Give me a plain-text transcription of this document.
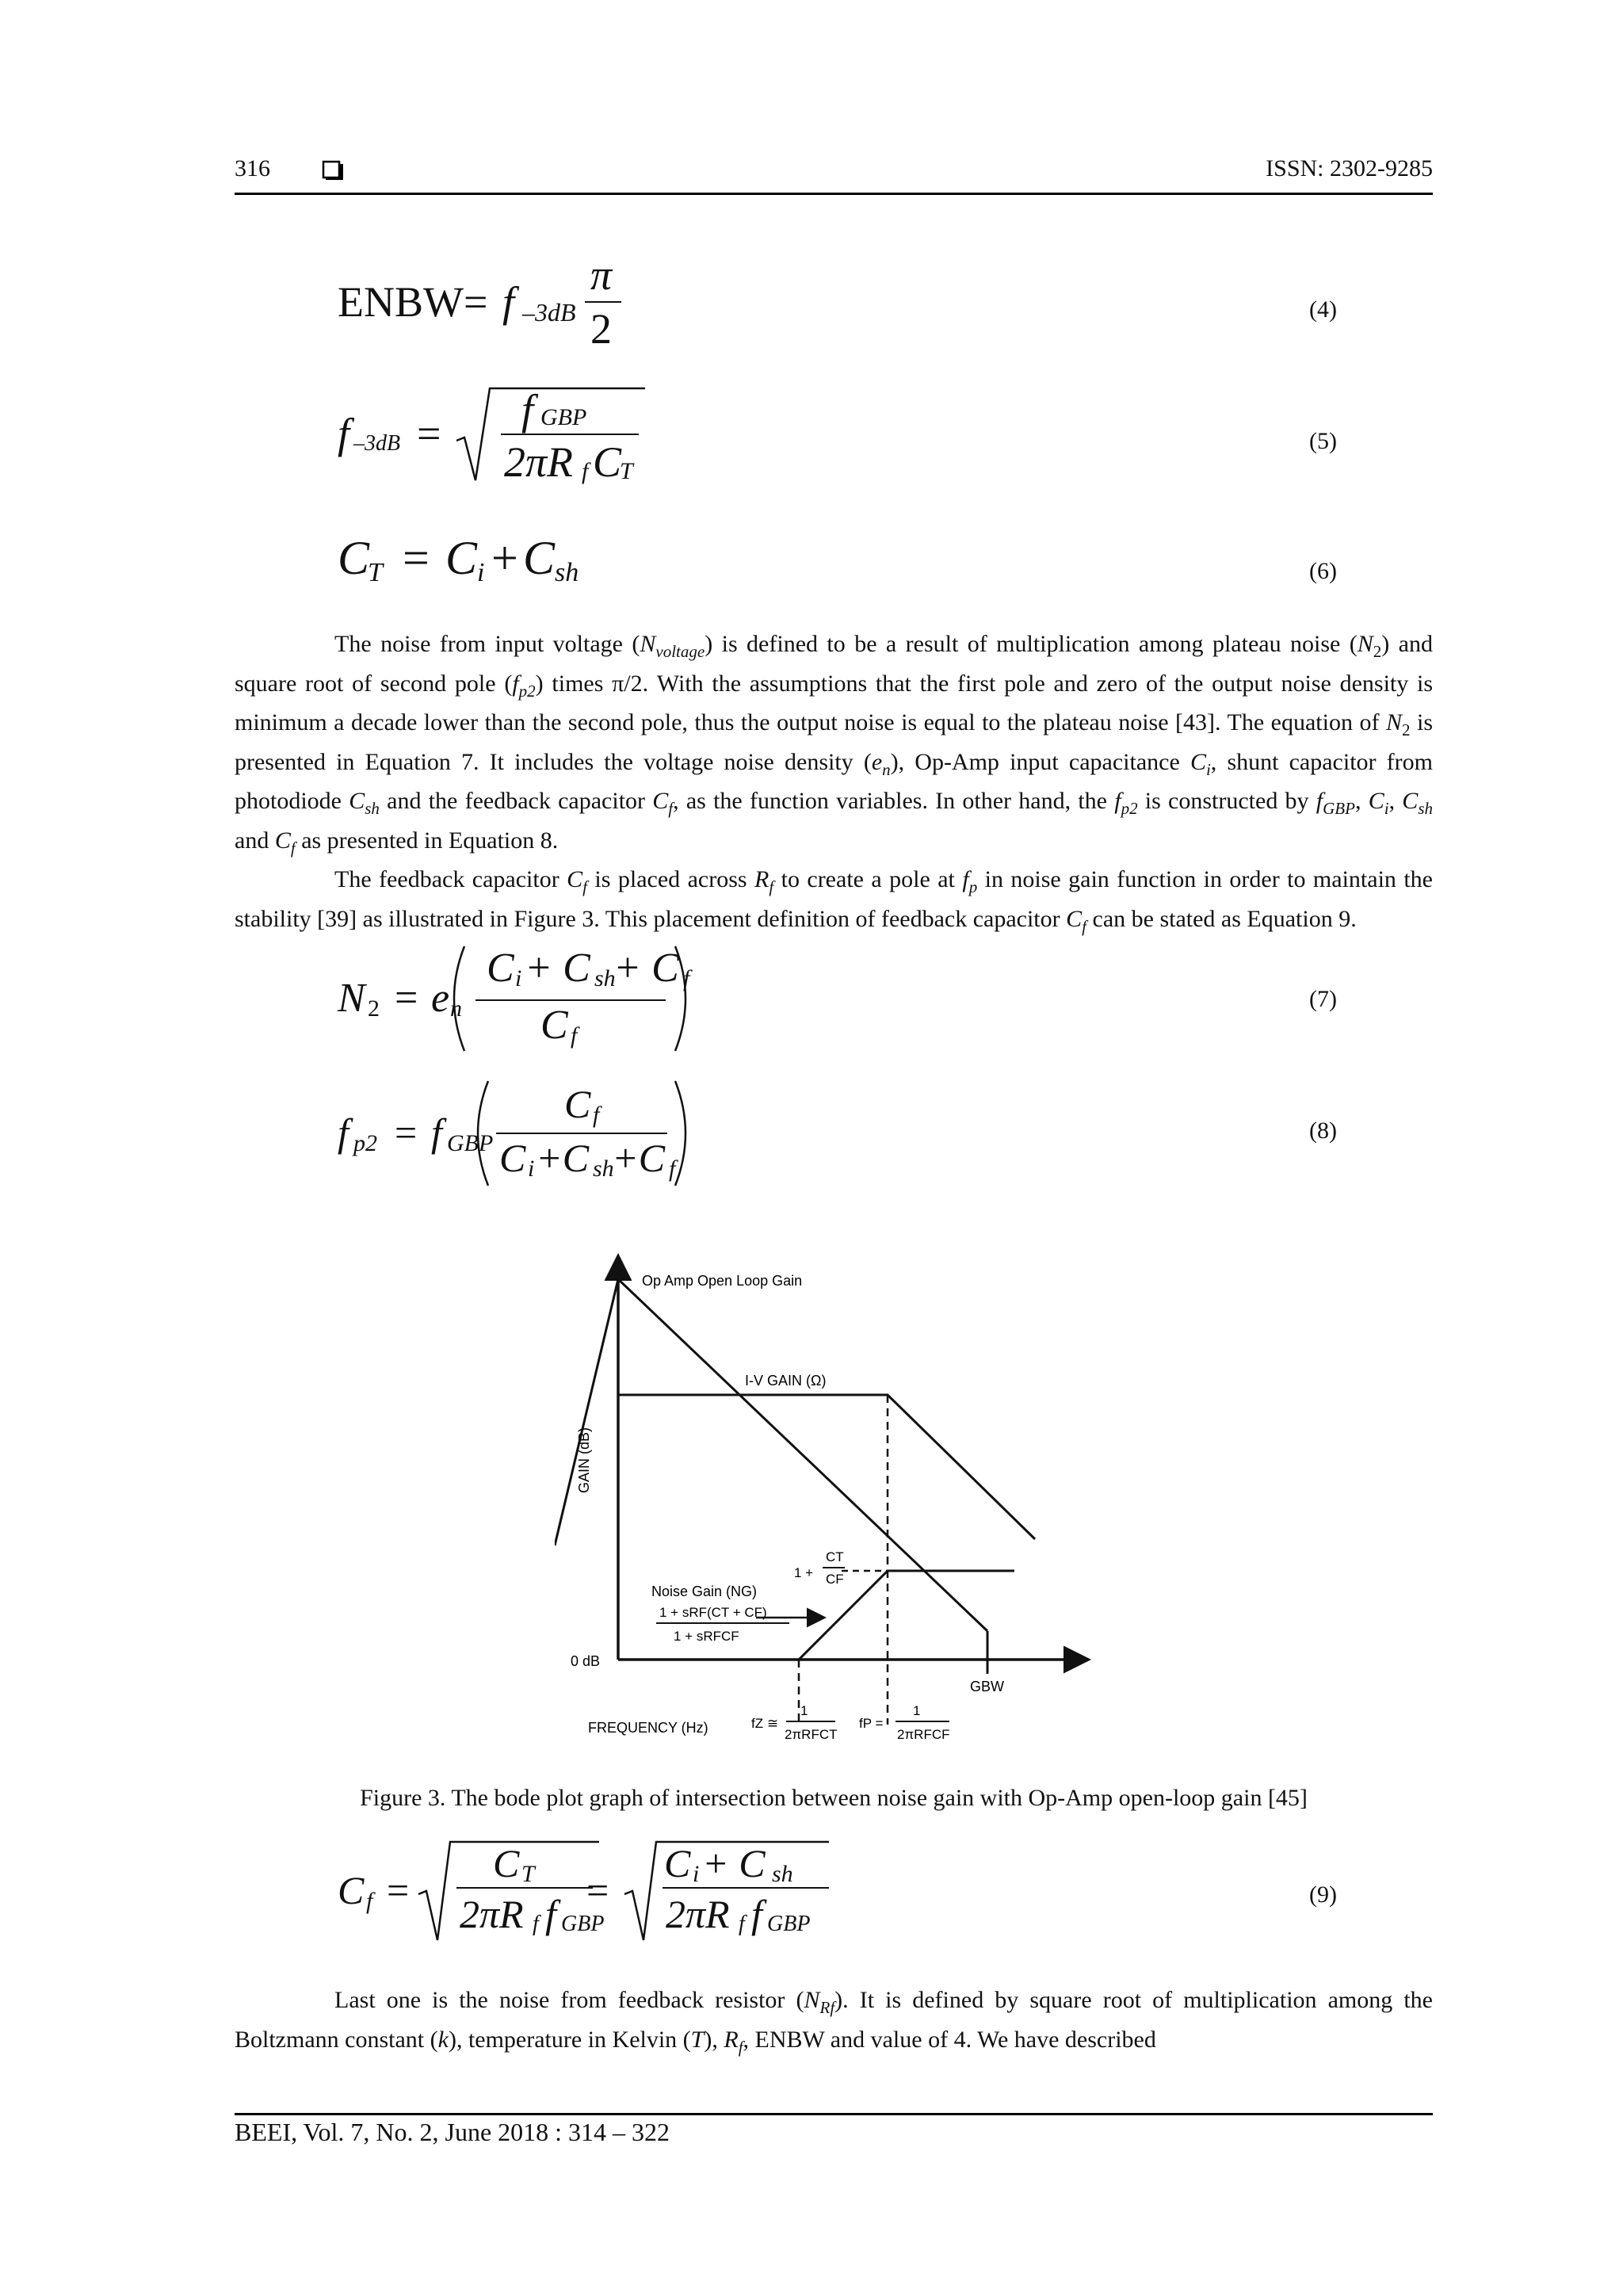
316	ISSN: 2302-9285
ENBW= f –3dB
π
2	(4)
f –3dB = f GBP
2πR f C
T
(5)
C
T = C i + C sh	(6)

The noise from input voltage $(N_{voltage})$ is defined to be a result of multiplication among plateau noise $(N_2)$ and square root of second pole $(f_{p2})$ times π/2. With the assumptions that the first pole and zero of the output noise density is minimum a decade lower than the second pole, thus the output noise is equal to the plateau noise [43]. The equation of $N_2$ is presented in Equation 7. It includes the voltage noise density $(e_n)$, Op-Amp input capacitance $C_i$, shunt capacitor from photodiode $C_{sh}$ and the feedback capacitor $C_f$, as the function variables. In other hand, the $f_{p2}$ is constructed by $f_{GBP}$, $C_i$, $C_{sh}$ and $C_f$ as presented in Equation 8.

The feedback capacitor $C_f$ is placed across $R_f$ to create a pole at $f_p$ in noise gain function in order to maintain the stability [39] as illustrated in Figure 3. This placement definition of feedback capacitor $C_f$ can be stated as Equation 9.

N 2 = e n
C i + C sh
+ C f
C f
(7)
f p2 = f GBP
C f
C i +C sh
+C f
(8)
Op Amp Open Loop Gain
I-V GAIN (Ω)
GAIN (dB)
0 dB
FREQUENCY (Hz)
Noise Gain (NG)
1 + sRF(CT + CF)
1 + sRFCF
1 +
CT
CF
GBW
fZ ≅
1
2πRFCT
fP =
1
2πRFCF
Figure 3. The bode plot graph of intersection between noise gain with Op-Amp open-loop gain [45]
C f =
C T
2πR f f GBP
=
C i + C sh
2πR f f GBP
(9)

Last one is the noise from feedback resistor $(N_{Rf})$. It is defined by square root of multiplication among the Boltzmann constant (k), temperature in Kelvin (T), $R_f$, ENBW and value of 4. We have described

BEEI, Vol. 7, No. 2, June 2018 : 314 – 322
